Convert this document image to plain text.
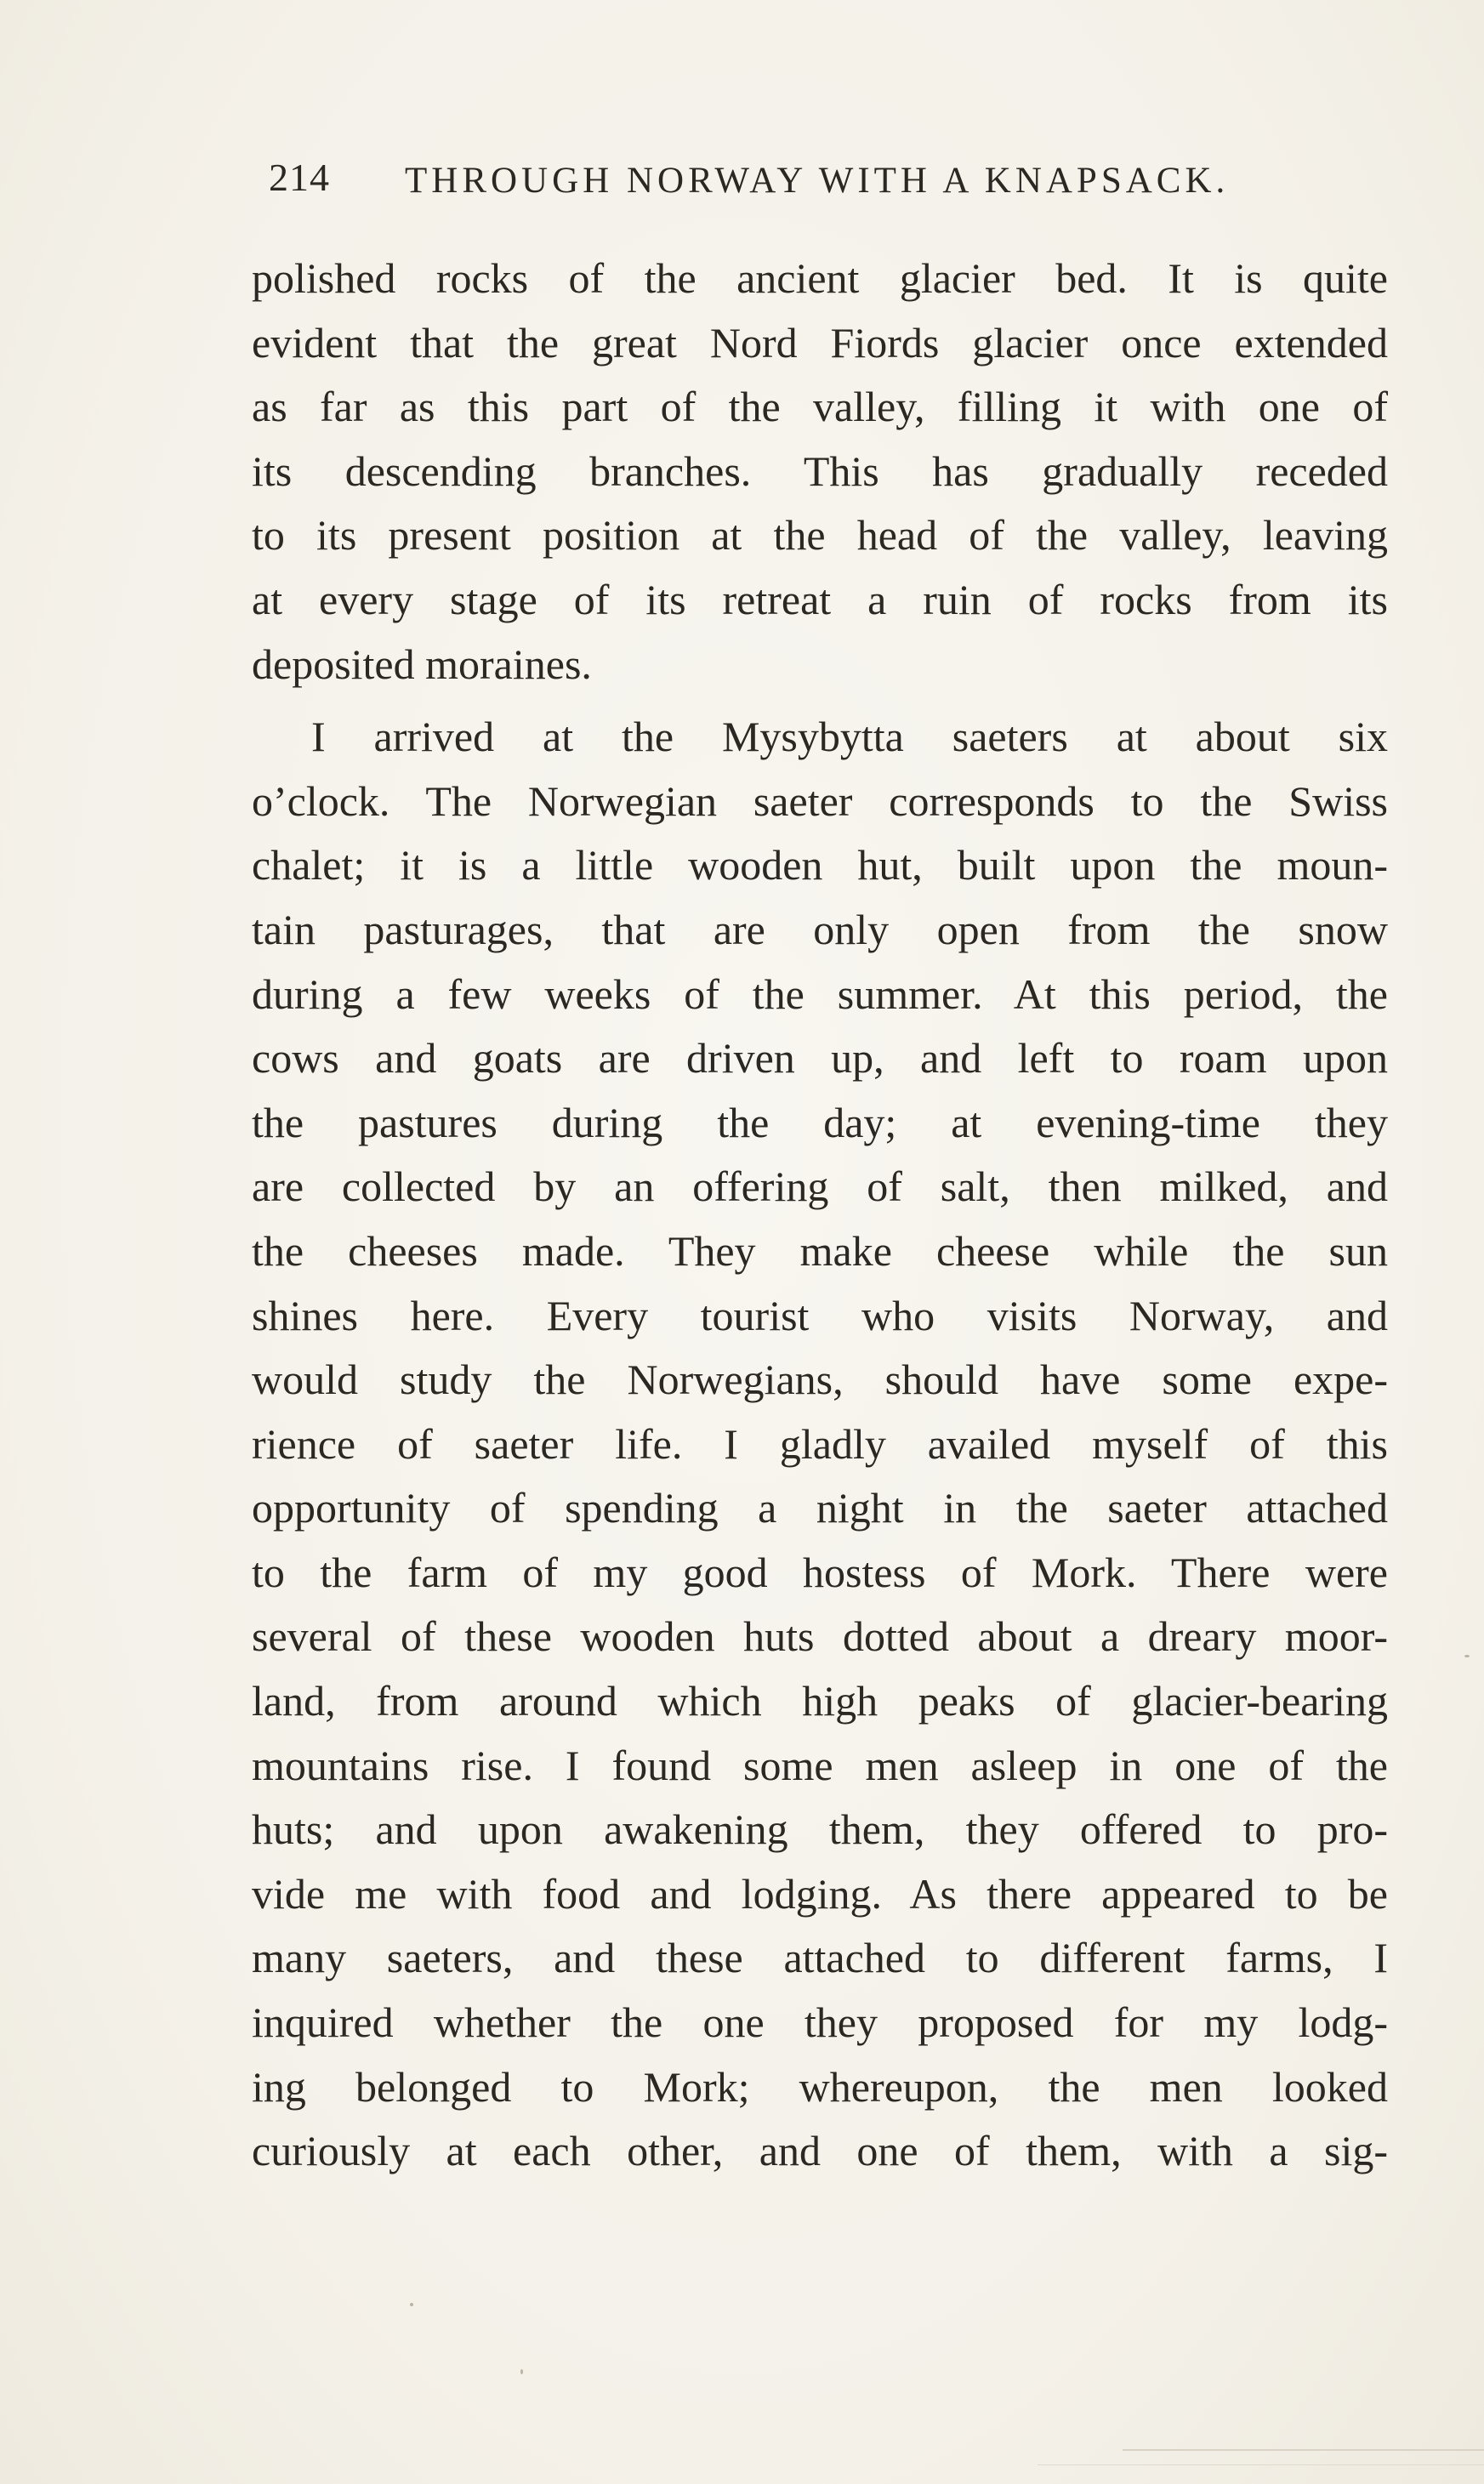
214 THROUGH NORWAY WITH A KNAPSACK.
polished rocks of the ancient glacier bed. It is quite
evident that the great Nord Fiords glacier once extended
as far as this part of the valley, filling it with one of
its descending branches. This has gradually receded
to its present position at the head of the valley, leaving
at every stage of its retreat a ruin of rocks from its
deposited moraines.
I arrived at the Mysybytta saeters at about six
o’clock. The Norwegian saeter corresponds to the Swiss
chalet; it is a little wooden hut, built upon the moun-
tain pasturages, that are only open from the snow
during a few weeks of the summer. At this period, the
cows and goats are driven up, and left to roam upon
the pastures during the day; at evening-time they
are collected by an offering of salt, then milked, and
the cheeses made. They make cheese while the sun
shines here. Every tourist who visits Norway, and
would study the Norwegians, should have some expe-
rience of saeter life. I gladly availed myself of this
opportunity of spending a night in the saeter attached
to the farm of my good hostess of Mork. There were
several of these wooden huts dotted about a dreary moor-
land, from around which high peaks of glacier-bearing
mountains rise. I found some men asleep in one of the
huts; and upon awakening them, they offered to pro-
vide me with food and lodging. As there appeared to be
many saeters, and these attached to different farms, I
inquired whether the one they proposed for my lodg-
ing belonged to Mork; whereupon, the men looked
curiously at each other, and one of them, with a sig-
